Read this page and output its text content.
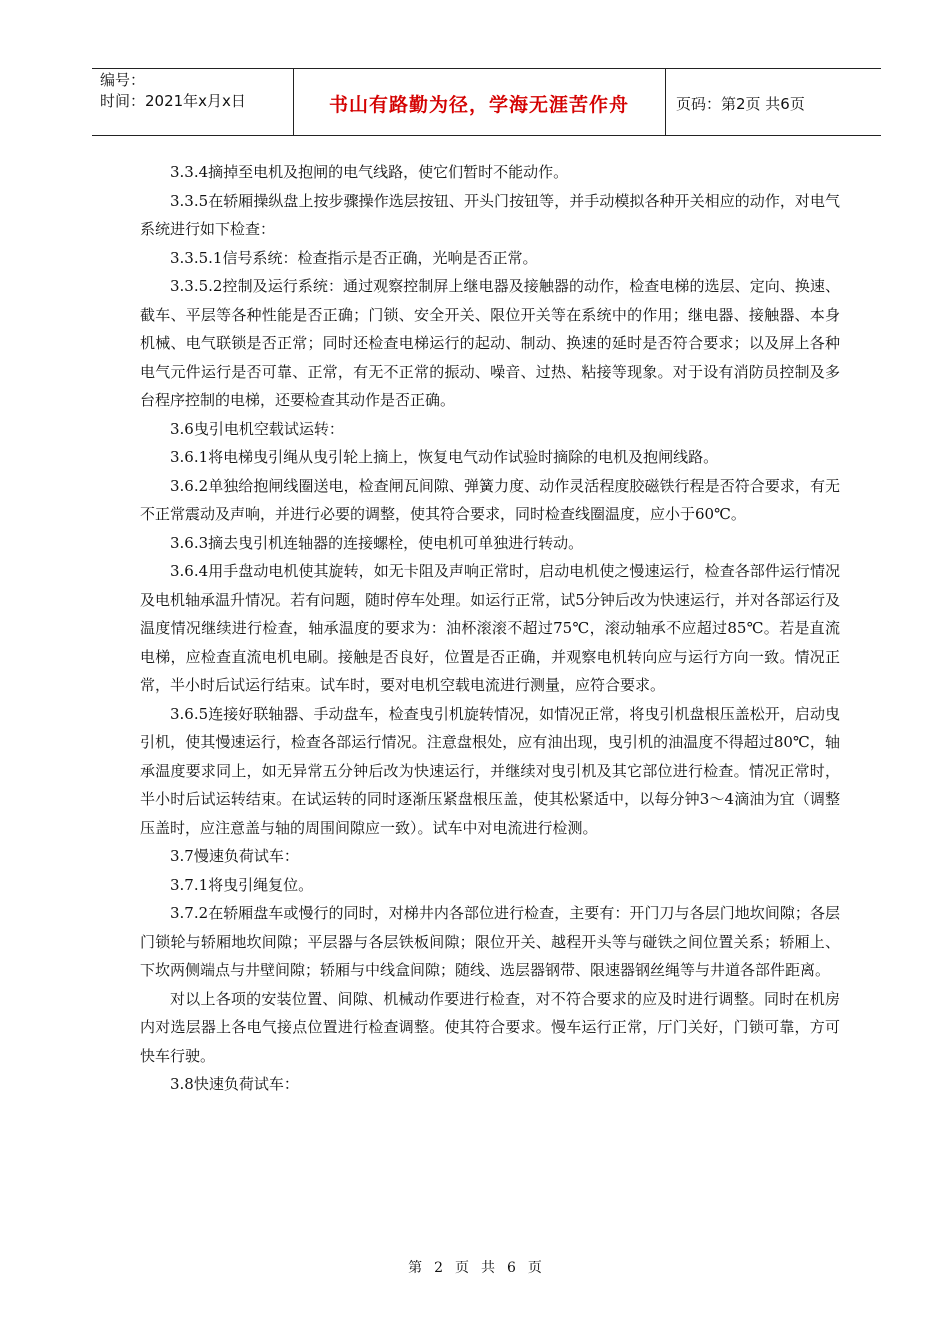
编号：
时间：2021年x月x日	书山有路勤为径，学海无涯苦作舟	页码：第2页 共6页

3.3.4摘掉至电机及抱闸的电气线路，使它们暂时不能动作。

3.3.5在轿厢操纵盘上按步骤操作选层按钮、开头门按钮等，并手动模拟各种开关相应的动作，对电气系统进行如下检查：

3.3.5.1信号系统：检查指示是否正确，光响是否正常。

3.3.5.2控制及运行系统：通过观察控制屏上继电器及接触器的动作，检查电梯的选层、定向、换速、截车、平层等各种性能是否正确；门锁、安全开关、限位开关等在系统中的作用；继电器、接触器、本身机械、电气联锁是否正常；同时还检查电梯运行的起动、制动、换速的延时是否符合要求；以及屏上各种电气元件运行是否可靠、正常，有无不正常的振动、噪音、过热、粘接等现象。对于设有消防员控制及多台程序控制的电梯，还要检查其动作是否正确。

3.6曳引电机空载试运转：

3.6.1将电梯曳引绳从曳引轮上摘上，恢复电气动作试验时摘除的电机及抱闸线路。

3.6.2单独给抱闸线圈送电，检查闸瓦间隙、弹簧力度、动作灵活程度胶磁铁行程是否符合要求，有无不正常震动及声响，并进行必要的调整，使其符合要求，同时检查线圈温度，应小于60℃。

3.6.3摘去曳引机连轴器的连接螺栓，使电机可单独进行转动。

3.6.4用手盘动电机使其旋转，如无卡阻及声响正常时，启动电机使之慢速运行，检查各部件运行情况及电机轴承温升情况。若有问题，随时停车处理。如运行正常，试5分钟后改为快速运行，并对各部运行及温度情况继续进行检查，轴承温度的要求为：油杯滚滚不超过75℃，滚动轴承不应超过85℃。若是直流电梯，应检查直流电机电刷。接触是否良好，位置是否正确，并观察电机转向应与运行方向一致。情况正常，半小时后试运行结束。试车时，要对电机空载电流进行测量，应符合要求。

3.6.5连接好联轴器、手动盘车，检查曳引机旋转情况，如情况正常，将曳引机盘根压盖松开，启动曳引机，使其慢速运行，检查各部运行情况。注意盘根处，应有油出现，曳引机的油温度不得超过80℃，轴承温度要求同上，如无异常五分钟后改为快速运行，并继续对曳引机及其它部位进行检查。情况正常时，半小时后试运转结束。在试运转的同时逐渐压紧盘根压盖，使其松紧适中，以每分钟3～4滴油为宜（调整压盖时，应注意盖与轴的周围间隙应一致）。试车中对电流进行检测。

3.7慢速负荷试车：

3.7.1将曳引绳复位。

3.7.2在轿厢盘车或慢行的同时，对梯井内各部位进行检查，主要有：开门刀与各层门地坎间隙；各层门锁轮与轿厢地坎间隙；平层器与各层铁板间隙；限位开关、越程开头等与碰铁之间位置关系；轿厢上、下坎两侧端点与井壁间隙；轿厢与中线盒间隙；随线、选层器钢带、限速器钢丝绳等与井道各部件距离。

对以上各项的安装位置、间隙、机械动作要进行检查，对不符合要求的应及时进行调整。同时在机房内对选层器上各电气接点位置进行检查调整。使其符合要求。慢车运行正常，厅门关好，门锁可靠，方可快车行驶。

3.8快速负荷试车：

第 2 页 共 6 页
